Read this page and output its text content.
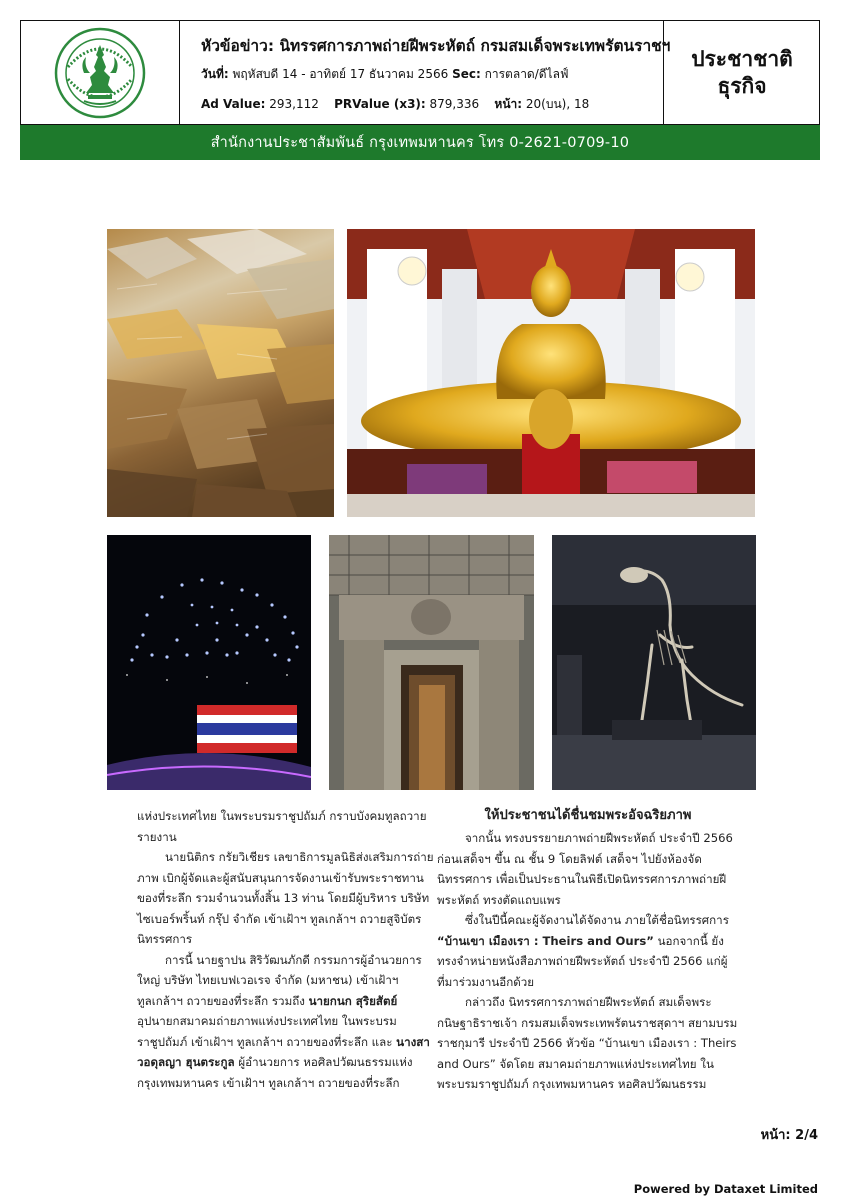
หัวข้อข่าว: นิทรรศการภาพถ่ายฝีพระหัตถ์ กรมสมเด็จพระเทพรัตนราชฯ
วันที่: พฤหัสบดี 14 - อาทิตย์ 17 ธันวาคม 2566 Sec: การตลาด/ดีไลฟ์
Ad Value: 293,112 PRValue (x3): 879,336 หน้า: 20(บน), 18
ประชาชาติ ธุรกิจ
สำนักงานประชาสัมพันธ์ กรุงเทพมหานคร โทร 0-2621-0709-10

แห่งประเทศไทย ในพระบรมราชูปถัมภ์ กราบบังคมทูลถวายรายงาน

นายนิติกร กรัยวิเชียร เลขาธิการมูลนิธิส่งเสริมการถ่ายภาพ เบิกผู้จัดและผู้สนับสนุนการจัดงานเข้ารับพระราชทานของที่ระลึก รวมจำนวนทั้งสิ้น 13 ท่าน โดยมีผู้บริหาร บริษัท ไซเบอร์พริ้นท์ กรุ๊ป จำกัด เข้าเฝ้าฯ ทูลเกล้าฯ ถวายสูจิบัตรนิทรรศการ

การนี้ นายฐาปน สิริวัฒนภักดี กรรมการผู้อำนวยการใหญ่ บริษัท ไทยเบฟเวอเรจ จำกัด (มหาชน) เข้าเฝ้าฯ ทูลเกล้าฯ ถวายของที่ระลึก รวมถึง นายกนก สุริยสัตย์ อุปนายกสมาคมถ่ายภาพแห่งประเทศไทย ในพระบรมราชูปถัมภ์ เข้าเฝ้าฯ ทูลเกล้าฯ ถวายของที่ระลึก และ นางสาวอดุลญา ฮุนตระกูล ผู้อำนวยการ หอศิลปวัฒนธรรมแห่งกรุงเทพมหานคร เข้าเฝ้าฯ ทูลเกล้าฯ ถวายของที่ระลึก

ให้ประชาชนได้ชื่นชมพระอัจฉริยภาพ

จากนั้น ทรงบรรยายภาพถ่ายฝีพระหัตถ์ ประจำปี 2566 ก่อนเสด็จฯ ขึ้น ณ ชั้น 9 โดยลิฟต์ เสด็จฯ ไปยังห้องจัดนิทรรศการ เพื่อเป็นประธานในพิธีเปิดนิทรรศการภาพถ่ายฝีพระหัตถ์ ทรงตัดแถบแพร

ซึ่งในปีนี้คณะผู้จัดงานได้จัดงาน ภายใต้ชื่อนิทรรศการ “บ้านเขา เมืองเรา : Theirs and Ours” นอกจากนี้ ยังทรงจำหน่ายหนังสือภาพถ่ายฝีพระหัตถ์ ประจำปี 2566 แก่ผู้ที่มาร่วมงานอีกด้วย

กล่าวถึง นิทรรศการภาพถ่ายฝีพระหัตถ์ สมเด็จพระกนิษฐาธิราชเจ้า กรมสมเด็จพระเทพรัตนราชสุดาฯ สยามบรมราชกุมารี ประจำปี 2566 หัวข้อ “บ้านเขา เมืองเรา : Theirs and Ours” จัดโดย สมาคมถ่ายภาพแห่งประเทศไทย ในพระบรมราชูปถัมภ์ กรุงเทพมหานคร หอศิลปวัฒนธรรม

หน้า: 2/4
Powered by Dataxet Limited
